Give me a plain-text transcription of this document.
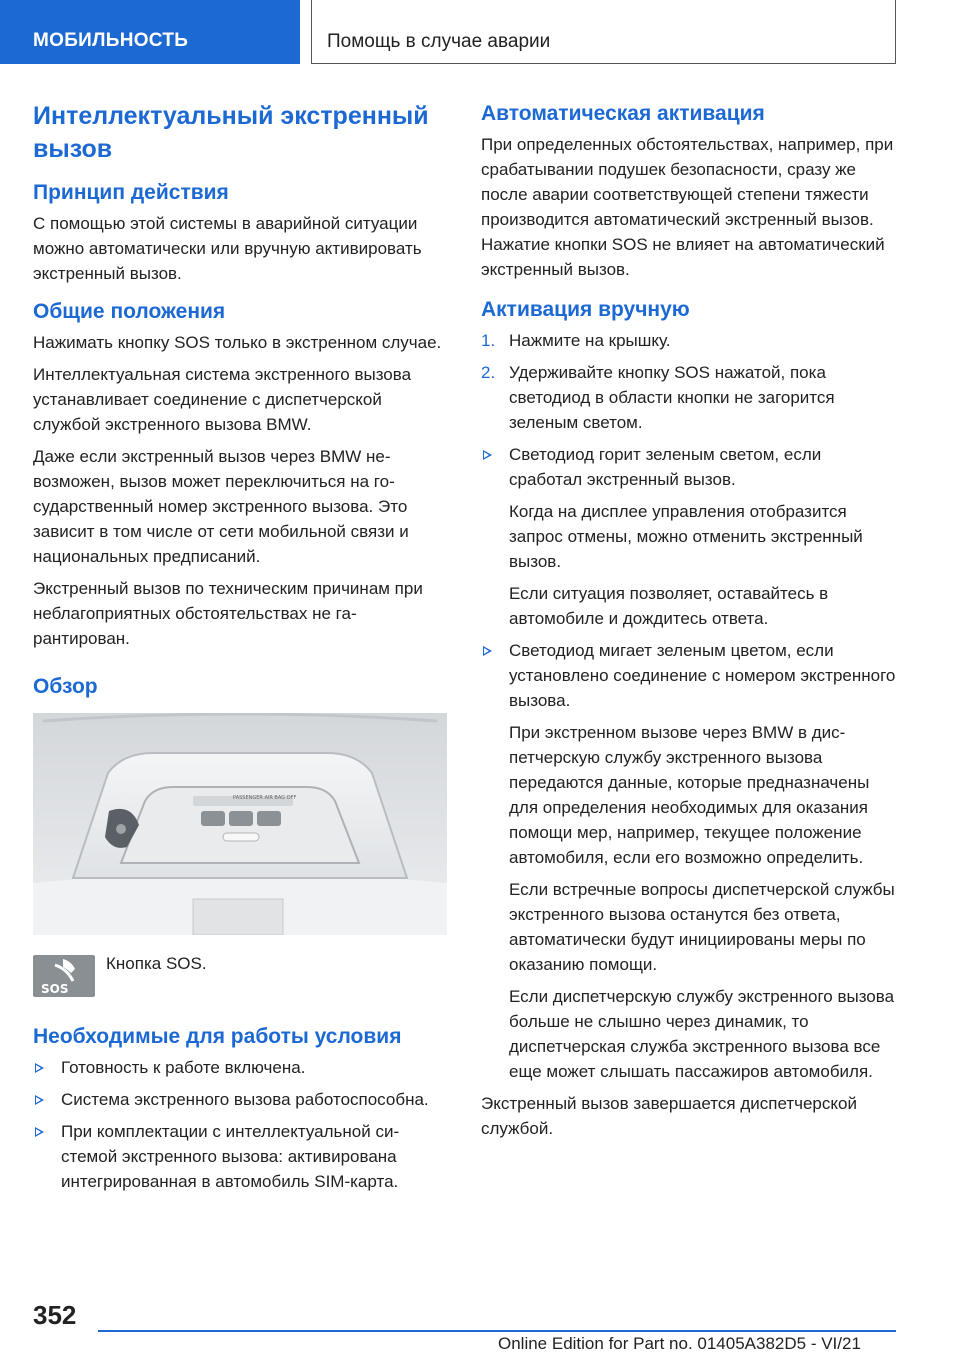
МОБИЛЬНОСТЬ	Помощь в случае аварии
Интеллектуальный экстренный вызов
Принцип действия

С помощью этой системы в аварийной ситуации можно автоматически или вручную активировать экстренный вызов.

Общие положения

Нажимать кнопку SOS только в экстренном случае.

Интеллектуальная система экстренного вызова устанавливает соединение с диспетчерской службой экстренного вызова BMW.

Даже если экстренный вызов через BMW невозможен, вызов может переключиться на государственный номер экстренного вызова. Это зависит в том числе от сети мобильной связи и национальных предписаний.

Экстренный вызов по техническим причинам при неблагоприятных обстоятельствах не гарантирован.

Обзор
PASSENGER AIR BAG OFF
SOS
Кнопка SOS.
Необходимые для работы условия
Готовность к работе включена.
Система экстренного вызова работоспособна.
При комплектации с интеллектуальной системой экстренного вызова: активирована интегрированная в автомобиль SIM-карта.
Автоматическая активация

При определенных обстоятельствах, например, при срабатывании подушек безопасности, сразу же после аварии соответствующей степени тяжести производится автоматический экстренный вызов. Нажатие кнопки SOS не влияет на автоматический экстренный вызов.

Активация вручную
1. Нажмите на крышку.
2. Удерживайте кнопку SOS нажатой, пока светодиод в области кнопки не загорится зеленым светом.
Светодиод горит зеленым светом, если сработал экстренный вызов.

Когда на дисплее управления отобразится запрос отмены, можно отменить экстренный вызов.

Если ситуация позволяет, оставайтесь в автомобиле и дождитесь ответа.

Светодиод мигает зеленым цветом, если установлено соединение с номером экстренного вызова.

При экстренном вызове через BMW в диспетчерскую службу экстренного вызова передаются данные, которые предназначены для определения необходимых для оказания помощи мер, например, текущее положение автомобиля, если его возможно определить.

Если встречные вопросы диспетчерской службы экстренного вызова останутся без ответа, автоматически будут инициированы меры по оказанию помощи.

Если диспетчерскую службу экстренного вызова больше не слышно через динамик, то диспетчерская служба экстренного вызова все еще может слышать пассажиров автомобиля.

Экстренный вызов завершается диспетчерской службой.

352
Online Edition for Part no. 01405A382D5 - VI/21
